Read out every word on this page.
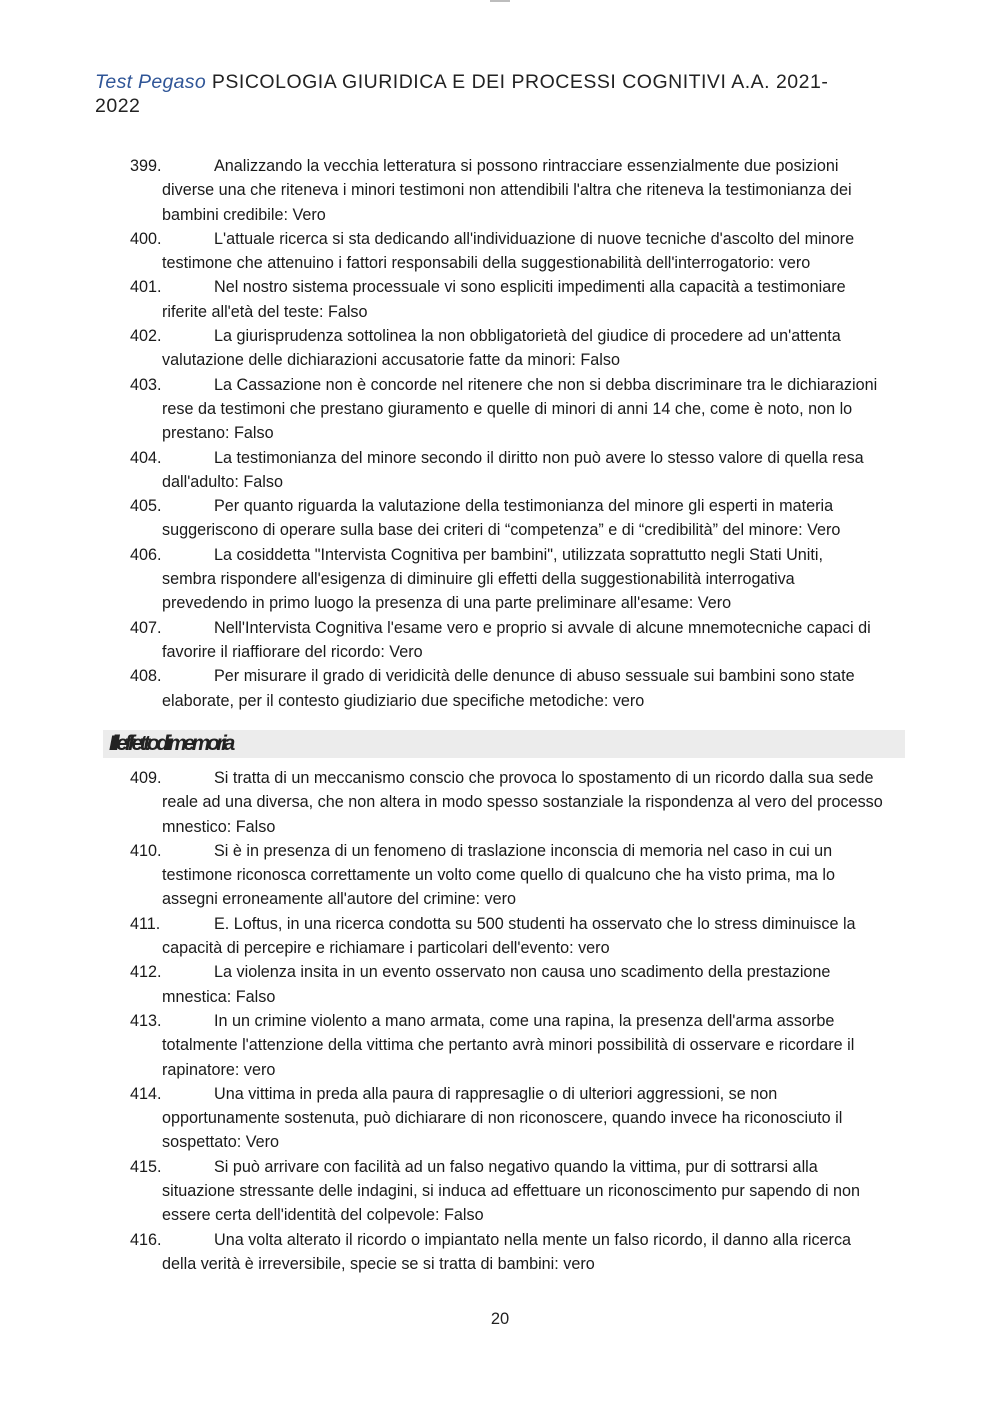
Test Pegaso PSICOLOGIA GIURIDICA E DEI PROCESSI COGNITIVI A.A. 2021-
2022
399.	Analizzando la vecchia letteratura si possono rintracciare essenzialmente due posizioni
diverse una che riteneva i minori testimoni non attendibili l'altra che riteneva la testimonianza dei
bambini credibile: Vero
400.	L'attuale ricerca si sta dedicando all'individuazione di nuove tecniche d'ascolto del minore
testimone che attenuino i fattori responsabili della suggestionabilità dell'interrogatorio: vero
401.	Nel nostro sistema processuale vi sono espliciti impedimenti alla capacità a testimoniare
riferite all'età del teste: Falso
402.	La giurisprudenza sottolinea la non obbligatorietà del giudice di procedere ad un'attenta
valutazione delle dichiarazioni accusatorie fatte da minori: Falso
403.	La Cassazione non è concorde nel ritenere che non si debba discriminare tra le dichiarazioni
rese da testimoni che prestano giuramento e quelle di minori di anni 14 che, come è noto, non lo
prestano: Falso
404.	La testimonianza del minore secondo il diritto non può avere lo stesso valore di quella resa
dall'adulto: Falso
405.	Per quanto riguarda la valutazione della testimonianza del minore gli esperti in materia
suggeriscono di operare sulla base dei criteri di “competenza” e di “credibilità” del minore: Vero
406.	La cosiddetta "Intervista Cognitiva per bambini", utilizzata soprattutto negli Stati Uniti,
sembra rispondere all'esigenza di diminuire gli effetti della suggestionabilità interrogativa
prevedendo in primo luogo la presenza di una parte preliminare all'esame: Vero
407.	Nell'Intervista Cognitiva l'esame vero e proprio si avvale di alcune mnemotecniche capaci di
favorire il riaffiorare del ricordo: Vero
408.	Per misurare il grado di veridicità delle denunce di abuso sessuale sui bambini sono state
elaborate, per il contesto giudiziario due specifiche metodiche: vero
Illeffettodimemoria
409.	Si tratta di un meccanismo conscio che provoca lo spostamento di un ricordo dalla sua sede
reale ad una diversa, che non altera in modo spesso sostanziale la rispondenza al vero del processo
mnestico: Falso
410.	Si è in presenza di un fenomeno di traslazione inconscia di memoria nel caso in cui un
testimone riconosca correttamente un volto come quello di qualcuno che ha visto prima, ma lo
assegni erroneamente all'autore del crimine: vero
411.	E. Loftus, in una ricerca condotta su 500 studenti ha osservato che lo stress diminuisce la
capacità di percepire e richiamare i particolari dell'evento: vero
412.	La violenza insita in un evento osservato non causa uno scadimento della prestazione
mnestica: Falso
413.	In un crimine violento a mano armata, come una rapina, la presenza dell'arma assorbe
totalmente l'attenzione della vittima che pertanto avrà minori possibilità di osservare e ricordare il
rapinatore: vero
414.	Una vittima in preda alla paura di rappresaglie o di ulteriori aggressioni, se non
opportunamente sostenuta, può dichiarare di non riconoscere, quando invece ha riconosciuto il
sospettato: Vero
415.	Si può arrivare con facilità ad un falso negativo quando la vittima, pur di sottrarsi alla
situazione stressante delle indagini, si induca ad effettuare un riconoscimento pur sapendo di non
essere certa dell'identità del colpevole: Falso
416.	Una volta alterato il ricordo o impiantato nella mente un falso ricordo, il danno alla ricerca
della verità è irreversibile, specie se si tratta di bambini: vero
20
